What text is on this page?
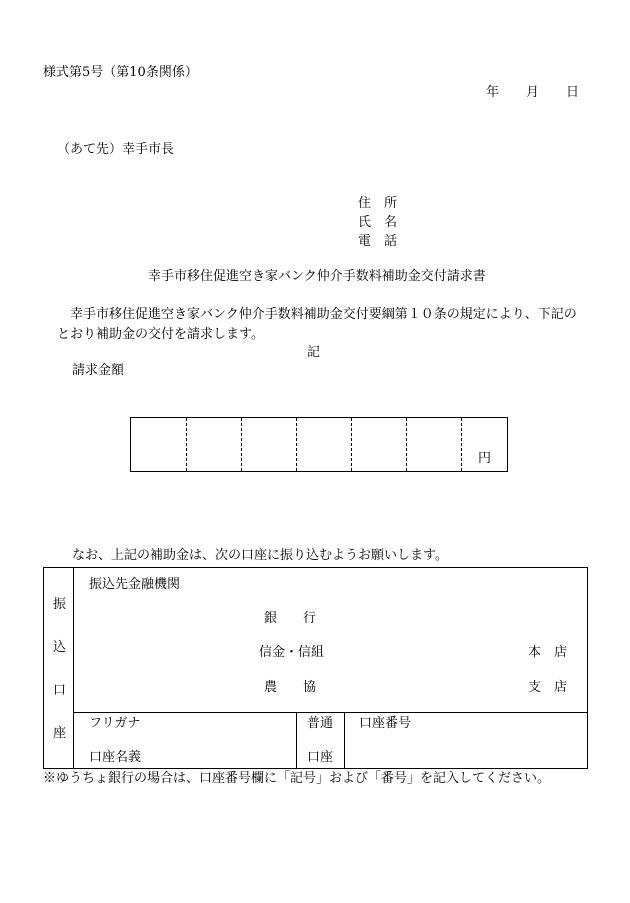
様式第5号（第10条関係）
年 月 日
（あて先）幸手市長
住　所
氏　名
電　話
幸手市移住促進空き家バンク仲介手数料補助金交付請求書
幸手市移住促進空き家バンク仲介手数料補助金交付要綱第１０条の規定により、下記の
とおり補助金の交付を請求します。
記
請求金額
円
なお、上記の補助金は、次の口座に振り込むようお願いします。
振
込
口
座
振込先金融機関
銀　　行
信金・信組
農　　協
本　店
支　店
フリガナ
口座名義
普通
口座
口座番号
※ゆうちょ銀行の場合は、口座番号欄に「記号」および「番号」を記入してください。
